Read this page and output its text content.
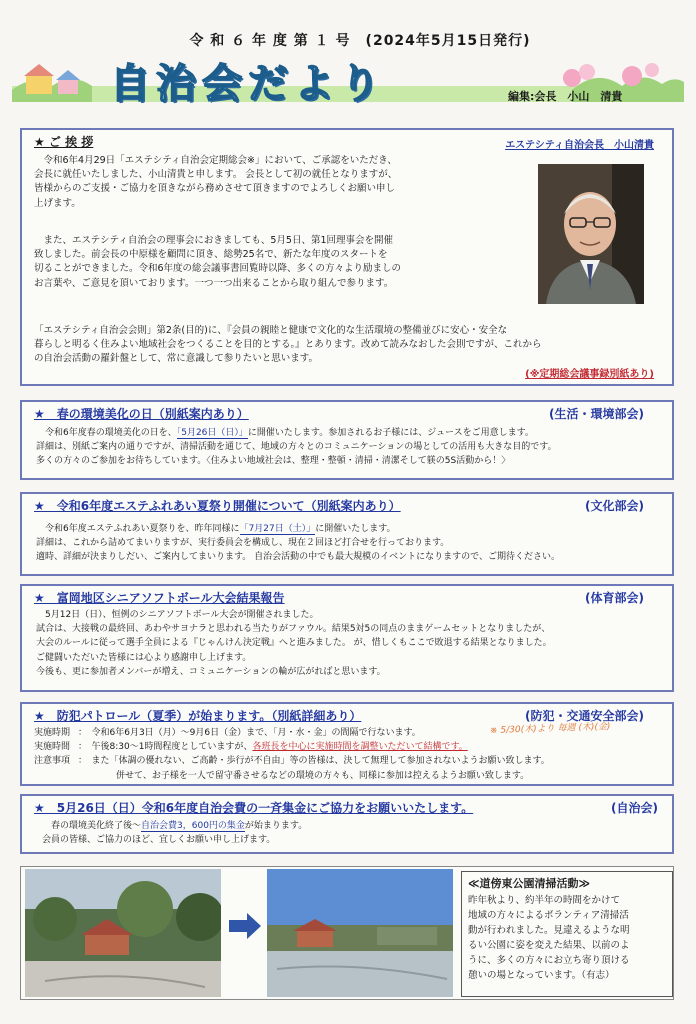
令 和 ６ 年 度 第 １ 号　(2024年5月15日発行)
自治会だより	編集:会長　小山　清貴
★ ご 挨 拶	エステシティ自治会長　小山清貴
令和6年4月29日「エステシティ自治会定期総会※」において、ご承認をいただき、
会長に就任いたしました、小山清貴と申します。 会長として初の就任となりますが、
皆様からのご支援・ご協力を頂きながら務めさせて頂きますのでよろしくお願い申し
上げます。
また、エステシティ自治会の理事会におきましても、5月5日、第1回理事会を開催
致しました。前会長の中原様を顧問に頂き、総勢25名で、新たな年度のスタートを
切ることができました。令和6年度の総会議事書回覧時以降、多くの方々より励ましの
お言葉や、ご意見を頂いております。一つ一つ出来ることから取り組んで参ります。
「エステシティ自治会会則」第2条(目的)に、『会員の親睦と健康で文化的な生活環境の整備並びに安心・安全な
暮らしと明るく住みよい地域社会をつくることを目的とする。』とあります。改めて読みなおした会則ですが、これから
の自治会活動の羅針盤として、常に意識して参りたいと思います。
(※定期総会議事録別紙あり)
★　春の環境美化の日（別紙案内あり）	(生活・環境部会)
令和6年度春の環境美化の日を、「5月26日（日）」に開催いたします。参加されるお子様には、ジュースをご用意します。
詳細は、別紙ご案内の通りですが、清掃活動を通じて、地域の方々とのコミュニケーションの場としての活用も大きな目的です。
多くの方々のご参加をお待ちしています。〈住みよい地域社会は、整理・整頓・清掃・清潔そして躾の5S活動から！〉
★　令和6年度エステふれあい夏祭り開催について（別紙案内あり）	(文化部会)
令和6年度エステふれあい夏祭りを、昨年同様に「7月27日（土）」に開催いたします。
詳細は、これから詰めてまいりますが、実行委員会を構成し、現在２回ほど打合せを行っております。
適時、詳細が決まりしだい、ご案内してまいります。 自治会活動の中でも最大規模のイベントになりますので、ご期待ください。
★　富岡地区シニアソフトボール大会結果報告	(体育部会)
5月12日（日）、恒例のシニアソフトボール大会が開催されました。
試合は、大接戦の最終回、あわやサヨナラと思われる当たりがファウル。結果5対5の同点のままゲームセットとなりましたが、
大会のルールに従って選手全員による『じゃんけん決定戦』へと進みました。 が、惜しくもここで敗退する結果となりました。
ご健闘いただいた皆様には心より感謝申し上げます。
今後も、更に参加者メンバーが増え、コミュニケーションの輪が広がればと思います。
★　防犯パトロール（夏季）が始まります。（別紙詳細あり）	(防犯・交通安全部会)
※ 5/30(木)より 毎週 (木)(金)
実施時期 ：　令和6年6月3日（月）～9月6日（金）まで、「月・水・金」の間隔で行ないます。
実施時間 ：　午後8:30～1時間程度としていますが、各班長を中心に実施時間を調整いただいて結構です。
注意事項 ：　また「体調の優れない、ご高齢・歩行が不自由」等の皆様は、決して無理して参加されないようお願い致します。
併せて、お子様を一人で留守番させるなどの環境の方々も、同様に参加は控えるようお願い致します。
★　5月26日（日）令和6年度自治会費の一斉集金にご協力をお願いいたします。	(自治会)
春の環境美化終了後～自治会費3，600円の集金が始まります。
会員の皆様、ご協力のほど、宜しくお願い申し上げます。
≪道傍東公園清掃活動≫
昨年秋より、約半年の時間をかけて
地域の方々によるボランティア清掃活
動が行われました。見違えるような明
るい公園に姿を変えた結果、以前のよ
うに、多くの方々にお立ち寄り頂ける
憩いの場となっています。（有志）
